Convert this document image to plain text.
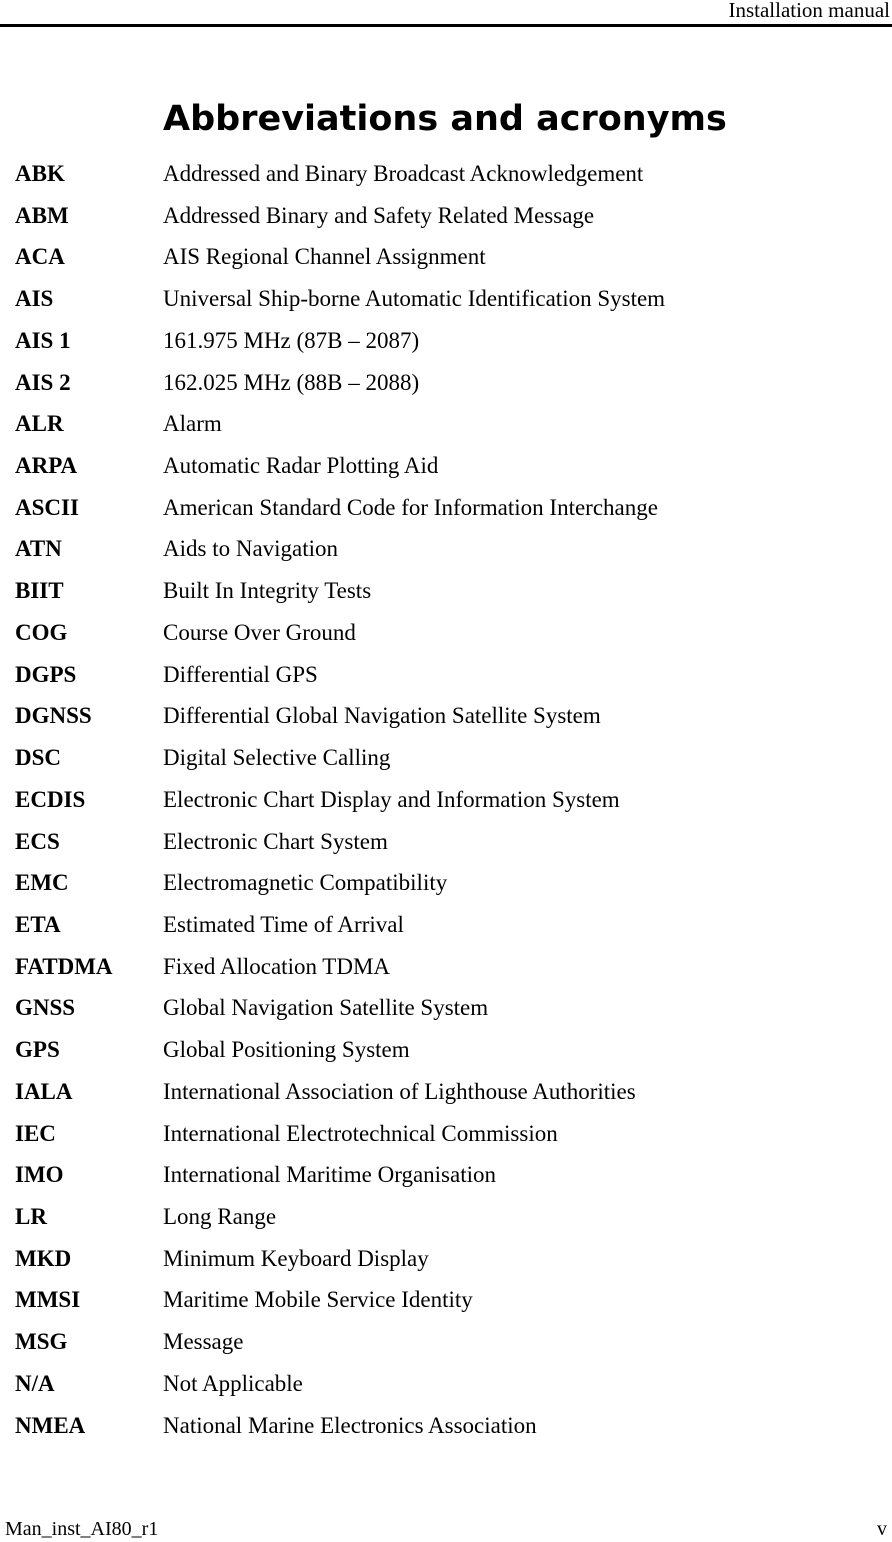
Installation manual
Abbreviations and acronyms
ABK	Addressed and Binary Broadcast Acknowledgement
ABM	Addressed Binary and Safety Related Message
ACA	AIS Regional Channel Assignment
AIS	Universal Ship-borne Automatic Identification System
AIS 1	161.975 MHz (87B – 2087)
AIS 2	162.025 MHz (88B – 2088)
ALR	Alarm
ARPA	Automatic Radar Plotting Aid
ASCII	American Standard Code for Information Interchange
ATN	Aids to Navigation
BIIT	Built In Integrity Tests
COG	Course Over Ground
DGPS	Differential GPS
DGNSS	Differential Global Navigation Satellite System
DSC	Digital Selective Calling
ECDIS	Electronic Chart Display and Information System
ECS	Electronic Chart System
EMC	Electromagnetic Compatibility
ETA	Estimated Time of Arrival
FATDMA	Fixed Allocation TDMA
GNSS	Global Navigation Satellite System
GPS	Global Positioning System
IALA	International Association of Lighthouse Authorities
IEC	International Electrotechnical Commission
IMO	International Maritime Organisation
LR	Long Range
MKD	Minimum Keyboard Display
MMSI	Maritime Mobile Service Identity
MSG	Message
N/A	Not Applicable
NMEA	National Marine Electronics Association
Man_inst_AI80_r1	v
